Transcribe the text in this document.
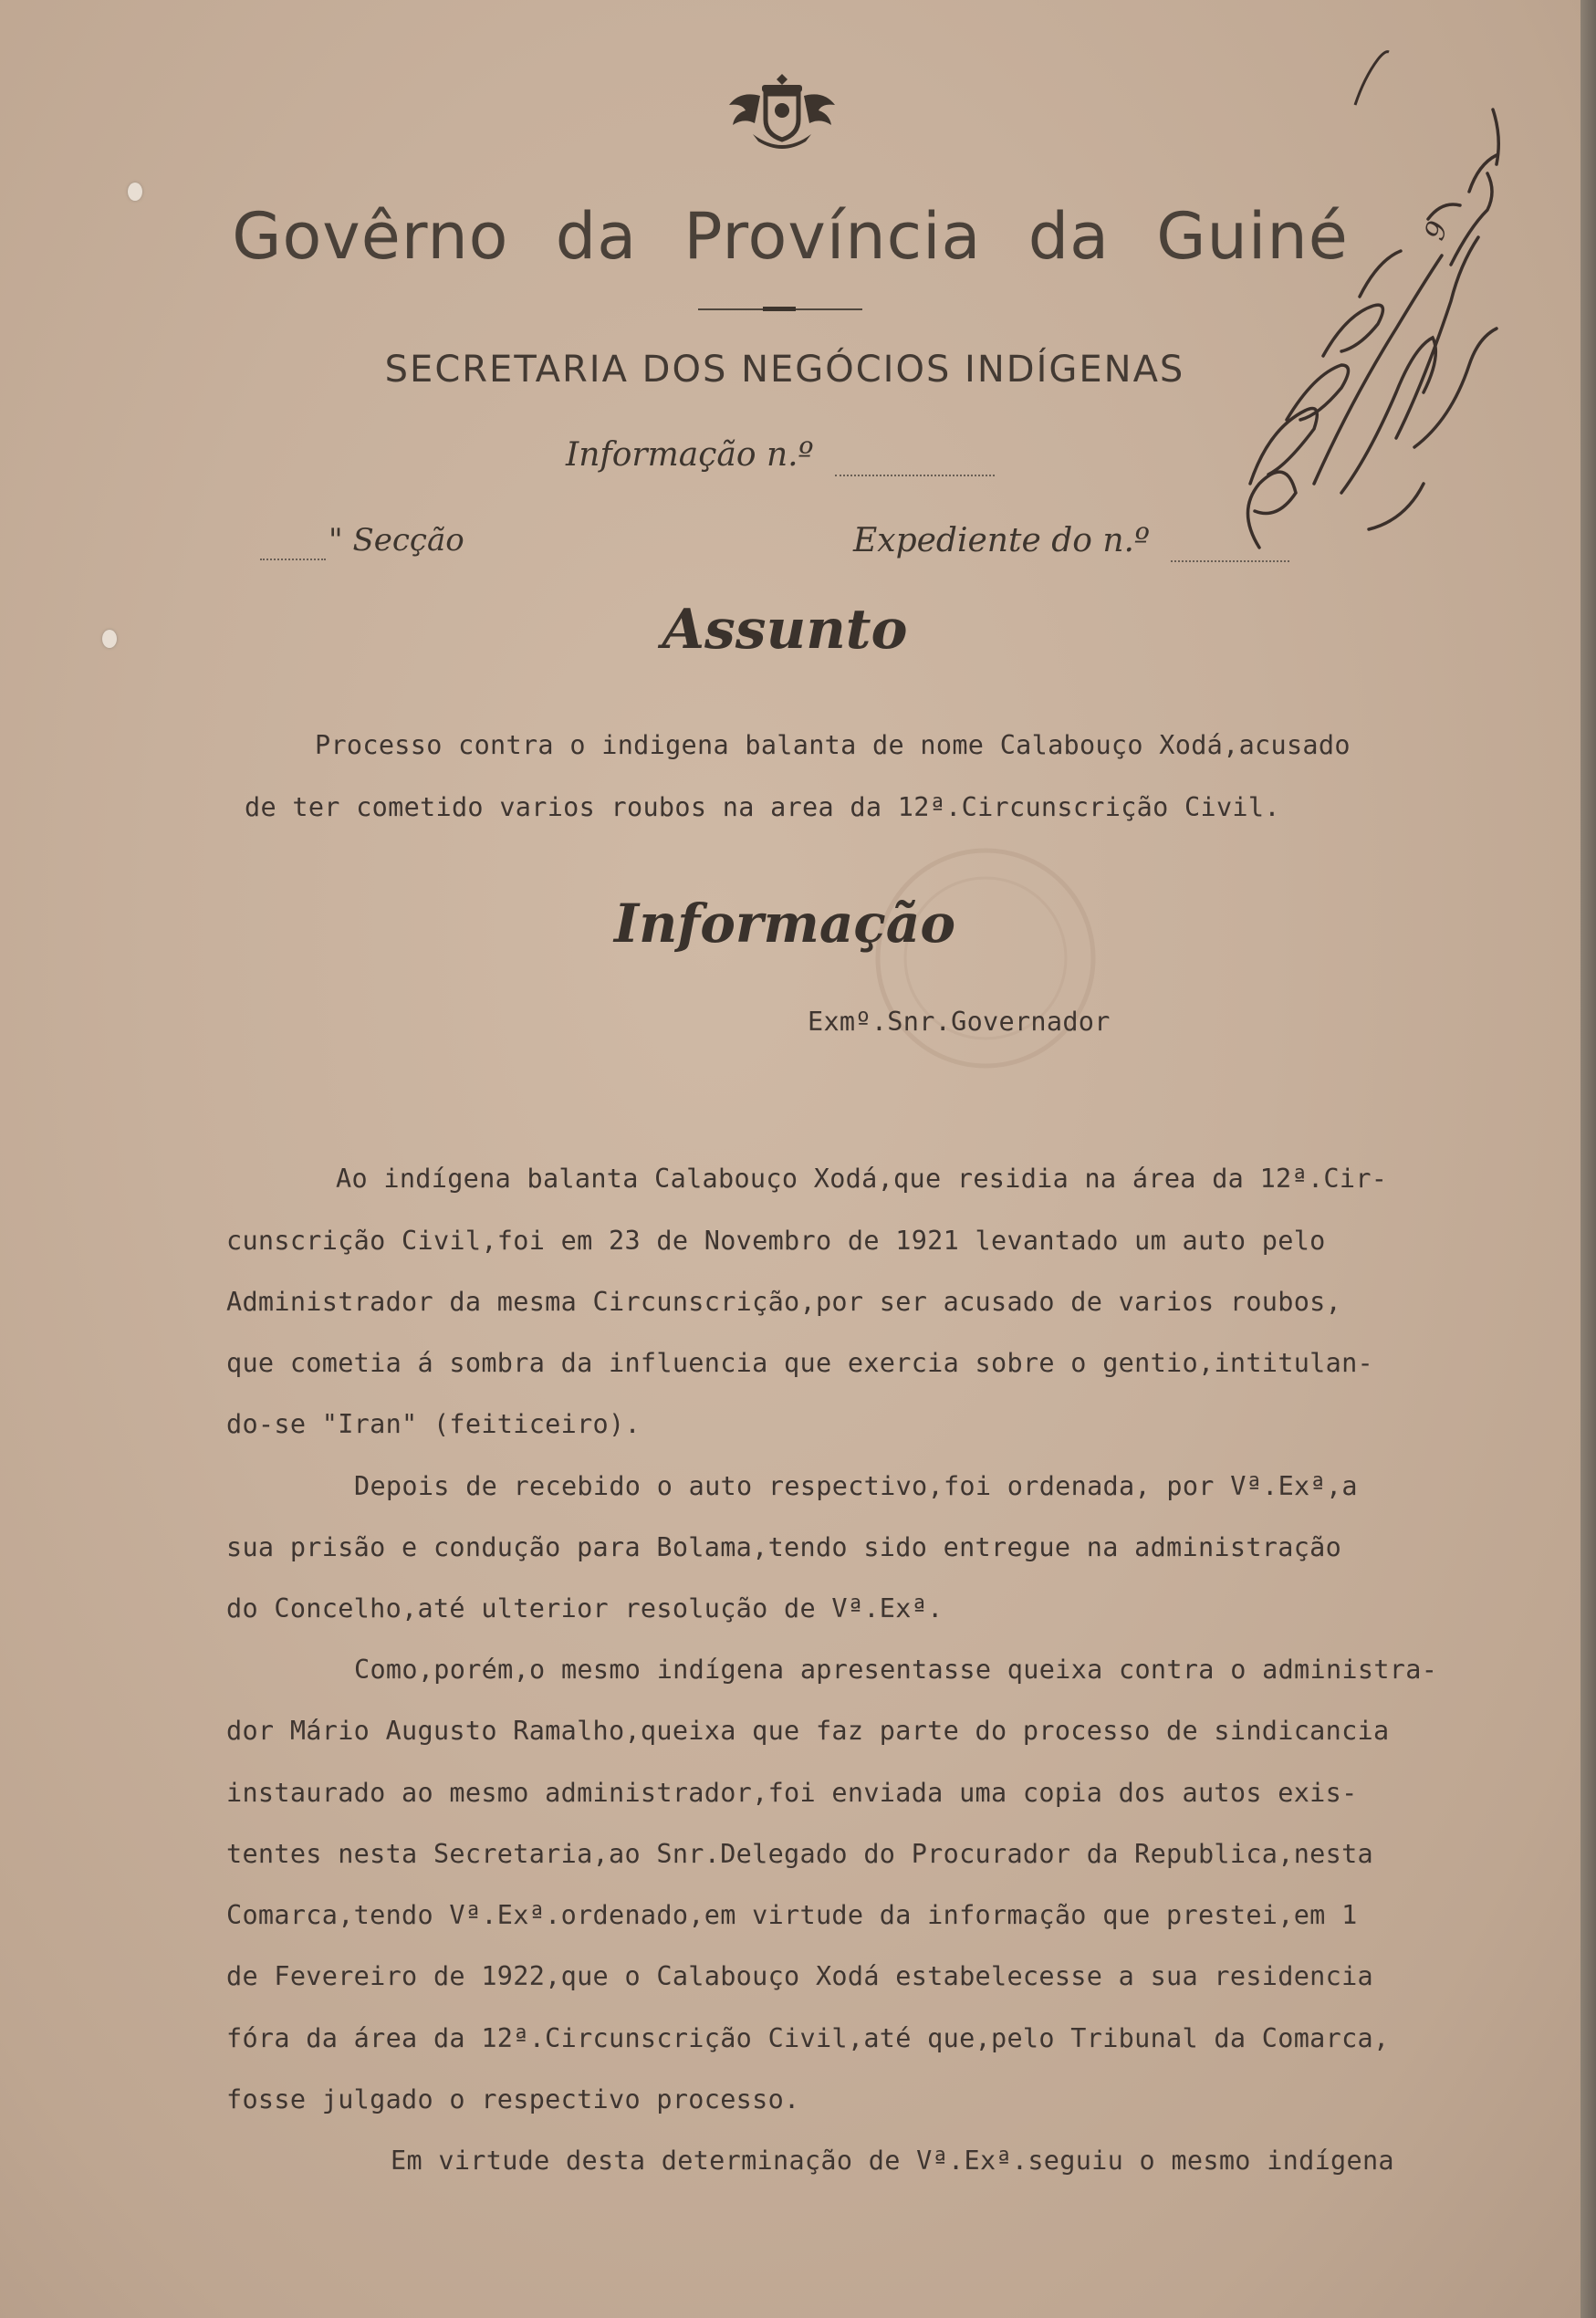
Govêrno da Província da Guiné
SECRETARIA DOS NEGÓCIOS INDÍGENAS
Informação n.º
" Secção	Expediente do n.º
Assunto
Processo contra o indigena balanta de nome Calabouço Xodá,acusado
de ter cometido varios roubos na area da 12ª.Circunscrição Civil.
Informação
Exmº.Snr.Governador
Ao indígena balanta Calabouço Xodá,que residia na área da 12ª.Cir-
cunscrição Civil,foi em 23 de Novembro de 1921 levantado um auto pelo
Administrador da mesma Circunscrição,por ser acusado de varios roubos,
que cometia á sombra da influencia que exercia sobre o gentio,intitulan-
do-se "Iran" (feiticeiro).
Depois de recebido o auto respectivo,foi ordenada, por Vª.Exª,a
sua prisão e condução para Bolama,tendo sido entregue na administração
do Concelho,até ulterior resolução de Vª.Exª.
Como,porém,o mesmo indígena apresentasse queixa contra o administra-
dor Mário Augusto Ramalho,queixa que faz parte do processo de sindicancia
instaurado ao mesmo administrador,foi enviada uma copia dos autos exis-
tentes nesta Secretaria,ao Snr.Delegado do Procurador da Republica,nesta
Comarca,tendo Vª.Exª.ordenado,em virtude da informação que prestei,em 1
de Fevereiro de 1922,que o Calabouço Xodá estabelecesse a sua residencia
fóra da área da 12ª.Circunscrição Civil,até que,pelo Tribunal da Comarca,
fosse julgado o respectivo processo.
Em virtude desta determinação de Vª.Exª.seguiu o mesmo indígena
9
